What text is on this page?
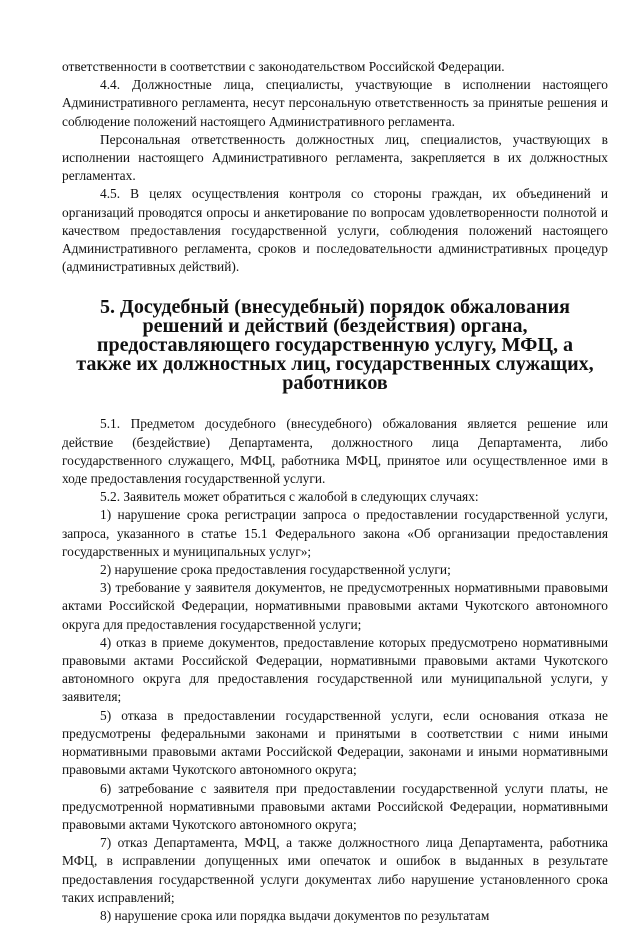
ответственности в соответствии с законодательством Российской Федерации.

4.4. Должностные лица, специалисты, участвующие в исполнении настоящего Административного регламента, несут персональную ответственность за принятые решения и соблюдение положений настоящего Административного регламента.

Персональная ответственность должностных лиц, специалистов, участвующих в исполнении настоящего Административного регламента, закрепляется в их должностных регламентах.

4.5. В целях осуществления контроля со стороны граждан, их объединений и организаций проводятся опросы и анкетирование по вопросам удовлетворенности полнотой и качеством предоставления государственной услуги, соблюдения положений настоящего Административного регламента, сроков и последовательности административных процедур (административных действий).

5. Досудебный (внесудебный) порядок обжалования решений и действий (бездействия) органа, предоставляющего государственную услугу, МФЦ, а также их должностных лиц, государственных служащих, работников

5.1. Предметом досудебного (внесудебного) обжалования является решение или действие (бездействие) Департамента, должностного лица Департамента, либо государственного служащего, МФЦ, работника МФЦ, принятое или осуществленное ими в ходе предоставления государственной услуги.

5.2. Заявитель может обратиться с жалобой в следующих случаях:

1) нарушение срока регистрации запроса о предоставлении государственной услуги, запроса, указанного в статье 15.1 Федерального закона «Об организации предоставления государственных и муниципальных услуг»;

2) нарушение срока предоставления государственной услуги;

3) требование у заявителя документов, не предусмотренных нормативными правовыми актами Российской Федерации, нормативными правовыми актами Чукотского автономного округа для предоставления государственной услуги;

4) отказ в приеме документов, предоставление которых предусмотрено нормативными правовыми актами Российской Федерации, нормативными правовыми актами Чукотского автономного округа для предоставления государственной или муниципальной услуги, у заявителя;

5) отказа в предоставлении государственной услуги, если основания отказа не предусмотрены федеральными законами и принятыми в соответствии с ними иными нормативными правовыми актами Российской Федерации, законами и иными нормативными правовыми актами Чукотского автономного округа;

6) затребование с заявителя при предоставлении государственной услуги платы, не предусмотренной нормативными правовыми актами Российской Федерации, нормативными правовыми актами Чукотского автономного округа;

7) отказ Департамента, МФЦ, а также должностного лица Департамента, работника МФЦ, в исправлении допущенных ими опечаток и ошибок в выданных в результате предоставления государственной услуги документах либо нарушение установленного срока таких исправлений;

8) нарушение срока или порядка выдачи документов по результатам
